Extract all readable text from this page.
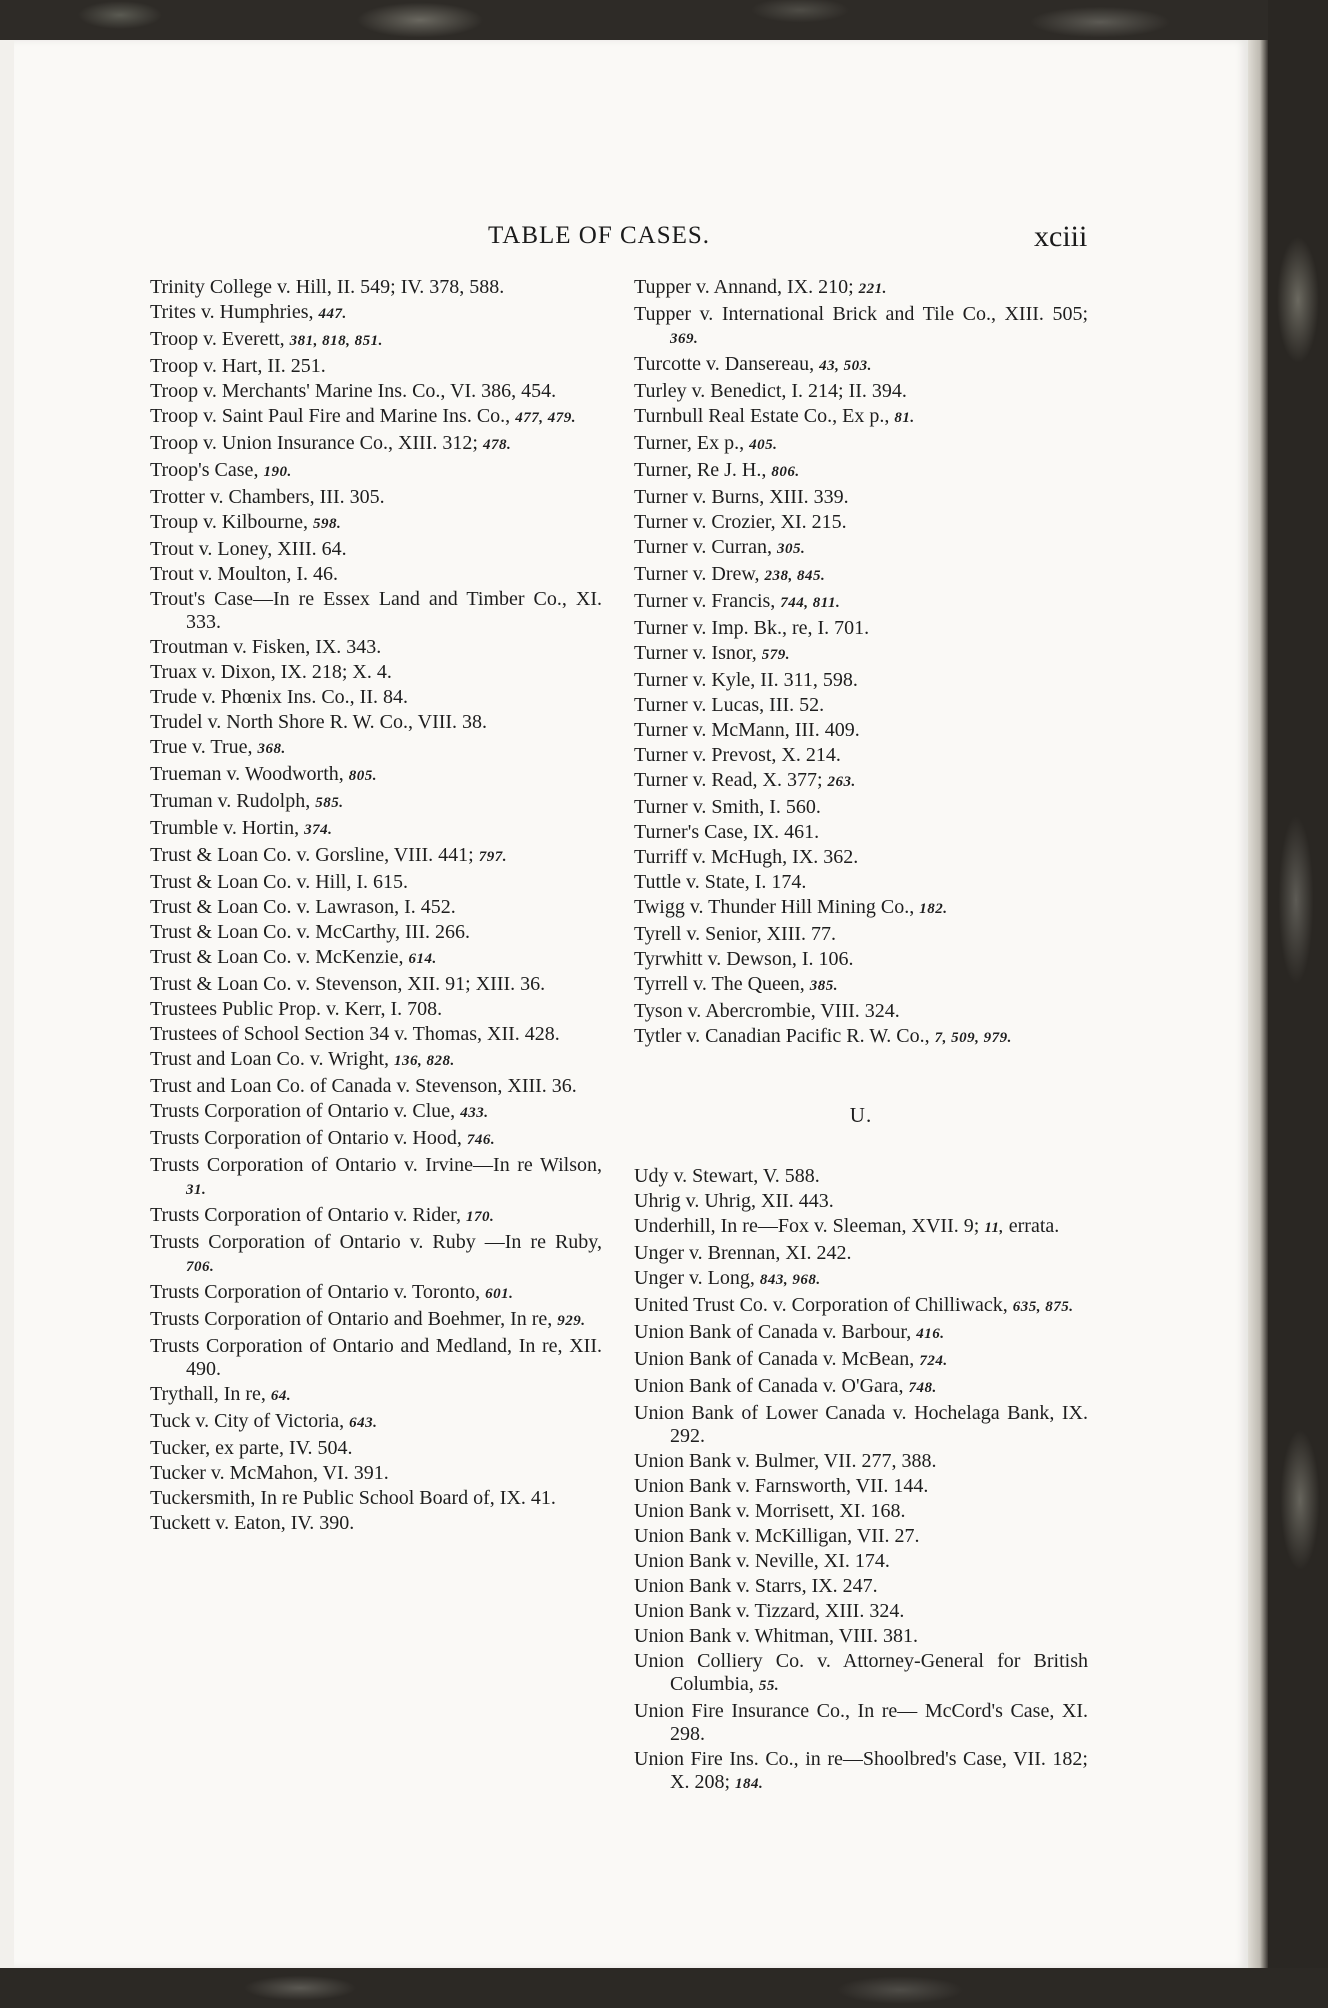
TABLE OF CASES.	xciii

Trinity College v. Hill, II. 549; IV. 378, 588.

Trites v. Humphries, 447.

Troop v. Everett, 381, 818, 851.

Troop v. Hart, II. 251.

Troop v. Merchants' Marine Ins. Co., VI. 386, 454.

Troop v. Saint Paul Fire and Marine Ins. Co., 477, 479.

Troop v. Union Insurance Co., XIII. 312; 478.

Troop's Case, 190.

Trotter v. Chambers, III. 305.

Troup v. Kilbourne, 598.

Trout v. Loney, XIII. 64.

Trout v. Moulton, I. 46.

Trout's Case—In re Essex Land and Timber Co., XI. 333.

Troutman v. Fisken, IX. 343.

Truax v. Dixon, IX. 218; X. 4.

Trude v. Phœnix Ins. Co., II. 84.

Trudel v. North Shore R. W. Co., VIII. 38.

True v. True, 368.

Trueman v. Woodworth, 805.

Truman v. Rudolph, 585.

Trumble v. Hortin, 374.

Trust & Loan Co. v. Gorsline, VIII. 441; 797.

Trust & Loan Co. v. Hill, I. 615.

Trust & Loan Co. v. Lawrason, I. 452.

Trust & Loan Co. v. McCarthy, III. 266.

Trust & Loan Co. v. McKenzie, 614.

Trust & Loan Co. v. Stevenson, XII. 91; XIII. 36.

Trustees Public Prop. v. Kerr, I. 708.

Trustees of School Section 34 v. Thomas, XII. 428.

Trust and Loan Co. v. Wright, 136, 828.

Trust and Loan Co. of Canada v. Stevenson, XIII. 36.

Trusts Corporation of Ontario v. Clue, 433.

Trusts Corporation of Ontario v. Hood, 746.

Trusts Corporation of Ontario v. Irvine—In re Wilson, 31.

Trusts Corporation of Ontario v. Rider, 170.

Trusts Corporation of Ontario v. Ruby —In re Ruby, 706.

Trusts Corporation of Ontario v. Toronto, 601.

Trusts Corporation of Ontario and Boehmer, In re, 929.

Trusts Corporation of Ontario and Medland, In re, XII. 490.

Trythall, In re, 64.

Tuck v. City of Victoria, 643.

Tucker, ex parte, IV. 504.

Tucker v. McMahon, VI. 391.

Tuckersmith, In re Public School Board of, IX. 41.

Tuckett v. Eaton, IV. 390.

Tupper v. Annand, IX. 210; 221.

Tupper v. International Brick and Tile Co., XIII. 505; 369.

Turcotte v. Dansereau, 43, 503.

Turley v. Benedict, I. 214; II. 394.

Turnbull Real Estate Co., Ex p., 81.

Turner, Ex p., 405.

Turner, Re J. H., 806.

Turner v. Burns, XIII. 339.

Turner v. Crozier, XI. 215.

Turner v. Curran, 305.

Turner v. Drew, 238, 845.

Turner v. Francis, 744, 811.

Turner v. Imp. Bk., re, I. 701.

Turner v. Isnor, 579.

Turner v. Kyle, II. 311, 598.

Turner v. Lucas, III. 52.

Turner v. McMann, III. 409.

Turner v. Prevost, X. 214.

Turner v. Read, X. 377; 263.

Turner v. Smith, I. 560.

Turner's Case, IX. 461.

Turriff v. McHugh, IX. 362.

Tuttle v. State, I. 174.

Twigg v. Thunder Hill Mining Co., 182.

Tyrell v. Senior, XIII. 77.

Tyrwhitt v. Dewson, I. 106.

Tyrrell v. The Queen, 385.

Tyson v. Abercrombie, VIII. 324.

Tytler v. Canadian Pacific R. W. Co., 7, 509, 979.

U.

Udy v. Stewart, V. 588.

Uhrig v. Uhrig, XII. 443.

Underhill, In re—Fox v. Sleeman, XVII. 9; 11, errata.

Unger v. Brennan, XI. 242.

Unger v. Long, 843, 968.

United Trust Co. v. Corporation of Chilliwack, 635, 875.

Union Bank of Canada v. Barbour, 416.

Union Bank of Canada v. McBean, 724.

Union Bank of Canada v. O'Gara, 748.

Union Bank of Lower Canada v. Hochelaga Bank, IX. 292.

Union Bank v. Bulmer, VII. 277, 388.

Union Bank v. Farnsworth, VII. 144.

Union Bank v. Morrisett, XI. 168.

Union Bank v. McKilligan, VII. 27.

Union Bank v. Neville, XI. 174.

Union Bank v. Starrs, IX. 247.

Union Bank v. Tizzard, XIII. 324.

Union Bank v. Whitman, VIII. 381.

Union Colliery Co. v. Attorney-General for British Columbia, 55.

Union Fire Insurance Co., In re— McCord's Case, XI. 298.

Union Fire Ins. Co., in re—Shoolbred's Case, VII. 182; X. 208; 184.
